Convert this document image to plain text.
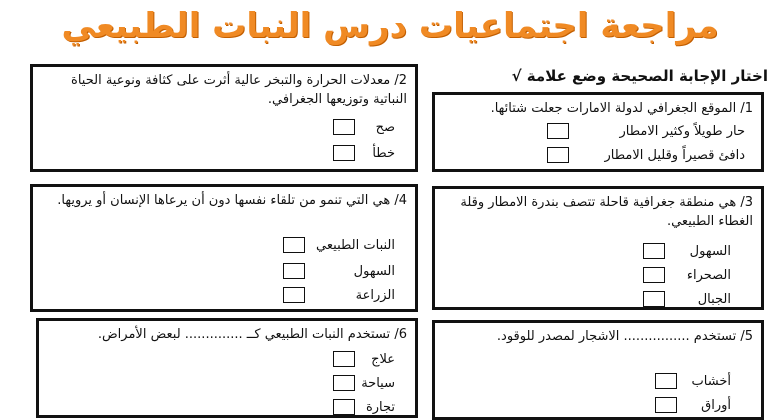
مراجعة اجتماعيات درس النبات الطبيعي
اختار الإجابة الصحيحة وضع علامة √
1/ الموقع الجغرافي لدولة الامارات جعلت شتائها.
حار طويلاً وكثير الامطار
دافئ قصيراً وقليل الامطار
3/ هي منطقة جغرافية قاحلة تتصف بندرة الامطار وقلة الغطاء الطبيعي.
السهول
الصحراء
الجبال
5/ تستخدم ................ الاشجار لمصدر للوقود.
أخشاب
أوراق
2/ معدلات الحرارة والتبخر عالية أثرت على كثافة ونوعية الحياة النباتية وتوزيعها الجغرافي.
صح
خطأ
4/ هي التي تنمو من تلقاء نفسها دون أن يرعاها الإنسان أو يرويها.
النبات الطبيعي
السهول
الزراعة
6/ تستخدم النبات الطبيعي كــ .............. لبعض الأمراض.
علاج
سياحة
تجارة
